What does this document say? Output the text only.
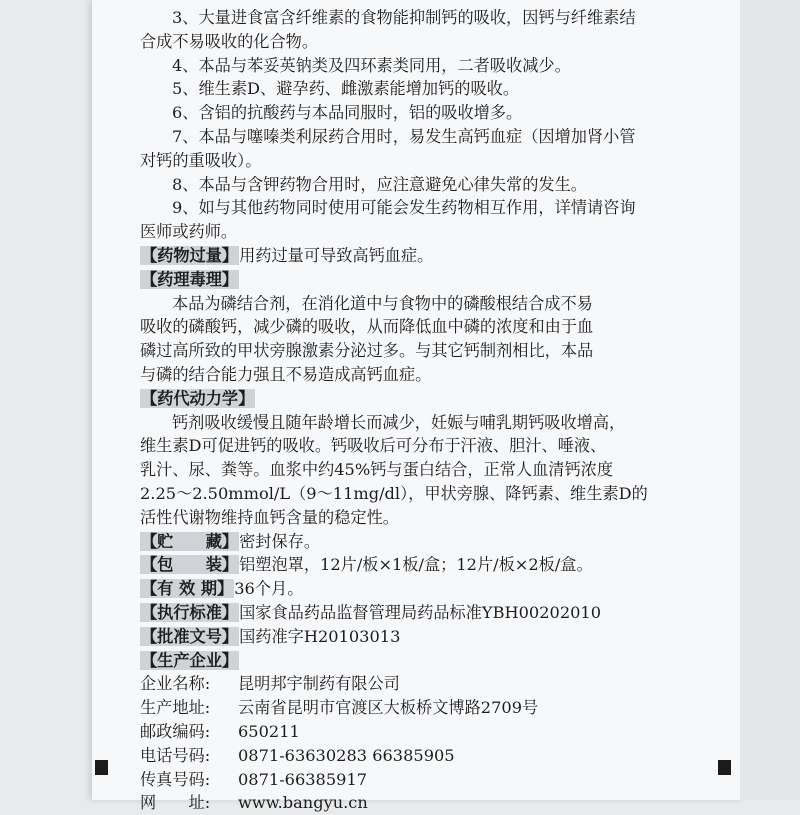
3、大量进食富含纤维素的食物能抑制钙的吸收，因钙与纤维素结
合成不易吸收的化合物。
4、本品与苯妥英钠类及四环素类同用，二者吸收减少。
5、维生素D、避孕药、雌激素能增加钙的吸收。
6、含铝的抗酸药与本品同服时，铝的吸收增多。
7、本品与噻嗪类利尿药合用时，易发生高钙血症（因增加肾小管
对钙的重吸收）。
8、本品与含钾药物合用时，应注意避免心律失常的发生。
9、如与其他药物同时使用可能会发生药物相互作用，详情请咨询
医师或药师。
【药物过量】用药过量可导致高钙血症。
【药理毒理】
本品为磷结合剂，在消化道中与食物中的磷酸根结合成不易
吸收的磷酸钙，减少磷的吸收，从而降低血中磷的浓度和由于血
磷过高所致的甲状旁腺激素分泌过多。与其它钙制剂相比，本品
与磷的结合能力强且不易造成高钙血症。
【药代动力学】
钙剂吸收缓慢且随年龄增长而减少，妊娠与哺乳期钙吸收增高，
维生素D可促进钙的吸收。钙吸收后可分布于汗液、胆汁、唾液、
乳汁、尿、粪等。血浆中约45%钙与蛋白结合，正常人血清钙浓度
2.25～2.50mmol/L（9～11mg/dl），甲状旁腺、降钙素、维生素D的
活性代谢物维持血钙含量的稳定性。
【贮　　藏】密封保存。
【包　　装】铝塑泡罩，12片/板×1板/盒；12片/板×2板/盒。
【有 效 期】36个月。
【执行标准】国家食品药品监督管理局药品标准YBH00202010
【批准文号】国药准字H20103013
【生产企业】
企业名称:	昆明邦宇制药有限公司
生产地址:	云南省昆明市官渡区大板桥文博路2709号
邮政编码:	650211
电话号码:	0871-63630283 66385905
传真号码:	0871-66385917
网　　址:	www.bangyu.cn
